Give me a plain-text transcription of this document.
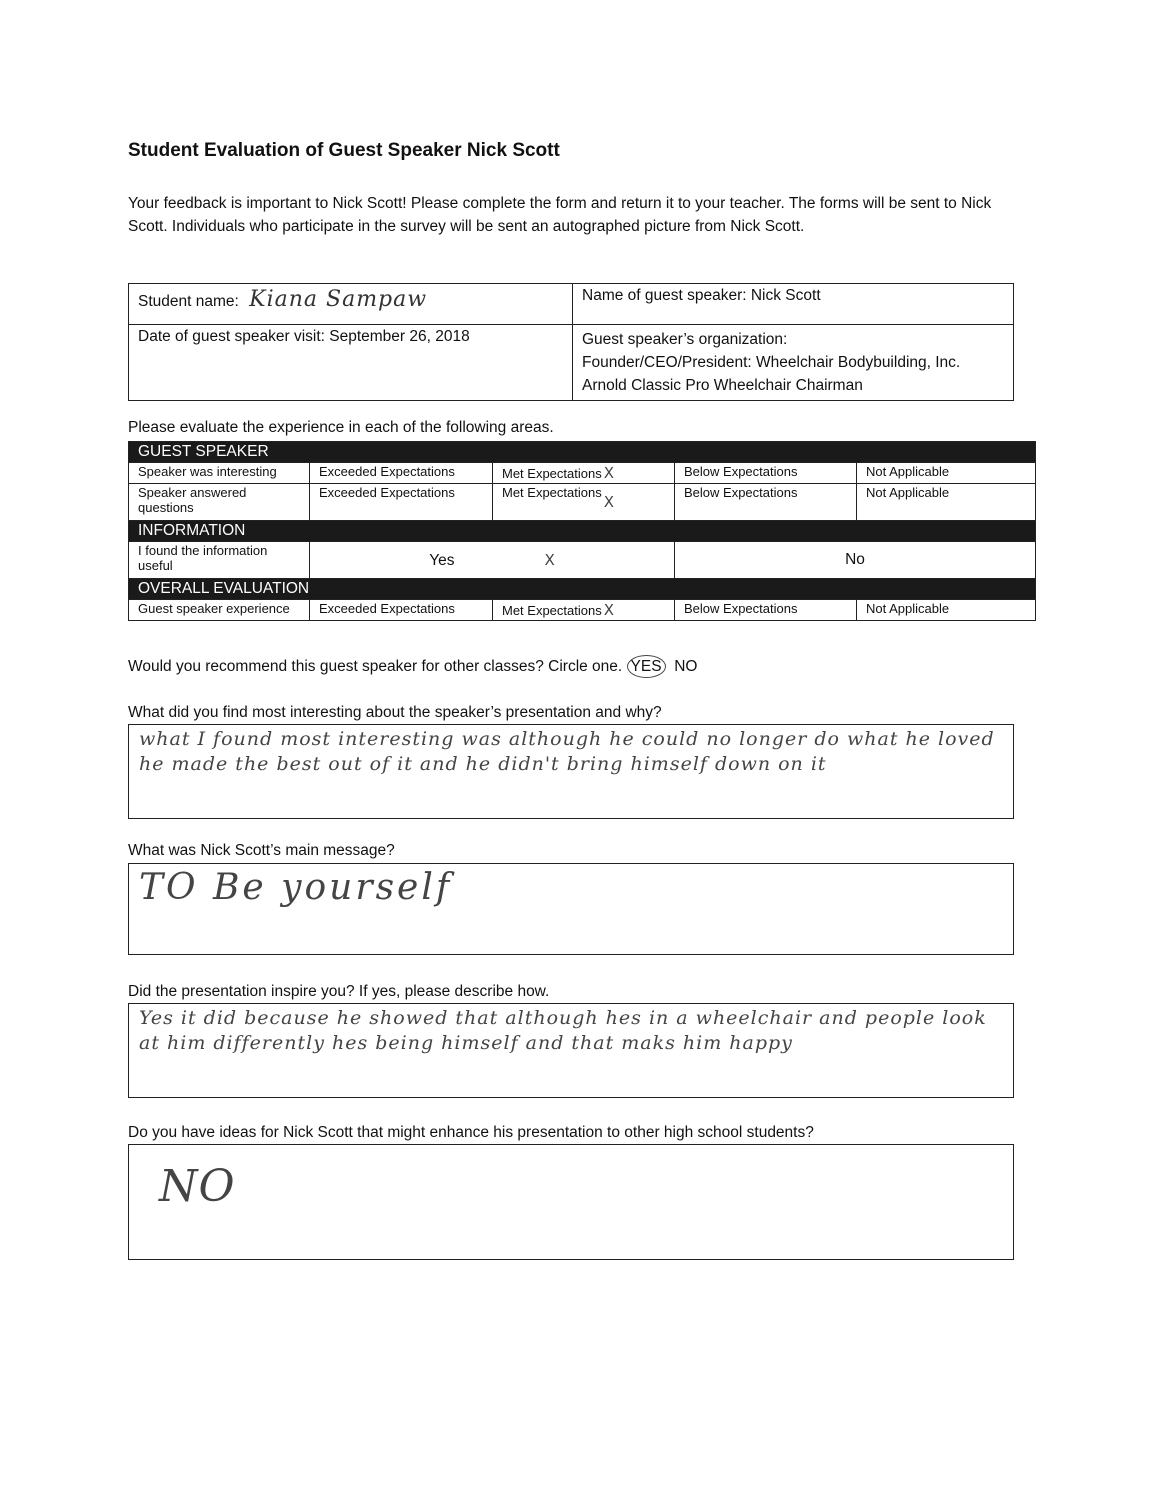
Student Evaluation of Guest Speaker Nick Scott
Your feedback is important to Nick Scott! Please complete the form and return it to your teacher. The forms will be sent to Nick Scott. Individuals who participate in the survey will be sent an autographed picture from Nick Scott.
Student name: Kiana Sampaw	Name of guest speaker: Nick Scott
Date of guest speaker visit: September 26, 2018	Guest speaker’s organization:
Founder/CEO/President: Wheelchair Bodybuilding, Inc.
Arnold Classic Pro Wheelchair Chairman
Please evaluate the experience in each of the following areas.
GUEST SPEAKER				
Speaker was interesting	Exceeded Expectations	Met Expectations X	Below Expectations	Not Applicable
Speaker answered questions	Exceeded Expectations	Met ExpectationsX	Below Expectations	Not Applicable
INFORMATION				
I found the information useful	Yes X		No	
OVERALL EVALUATION				
Guest speaker experience	Exceeded Expectations	Met Expectations X	Below Expectations	Not Applicable
Would you recommend this guest speaker for other classes? Circle one. YES NO
What did you find most interesting about the speaker’s presentation and why?
what I found most interesting was although he could no longer do what he loved he made the best out of it and he didn't bring himself down on it
What was Nick Scott’s main message?
TO Be yourself
Did the presentation inspire you? If yes, please describe how.
Yes it did because he showed that although hes in a wheelchair and people look at him differently hes being himself and that maks him happy
Do you have ideas for Nick Scott that might enhance his presentation to other high school students?
NO
